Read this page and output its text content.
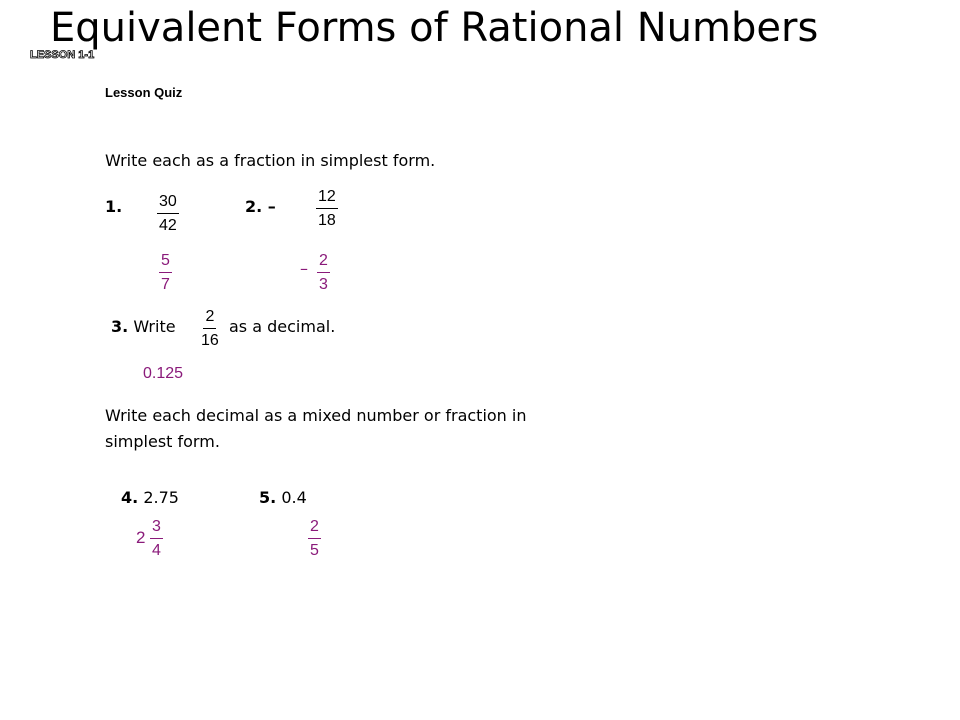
Equivalent Forms of Rational Numbers
LESSON 1-1
Lesson Quiz
Write each as a fraction in simplest form.
1. $\frac{30}{42}$
$\frac{5}{7}$
2. –	$\frac{12}{18}$
– $\frac{2}{3}$
3. Write $\frac{2}{16}$ as a decimal.
0.125
Write each decimal as a mixed number or fraction in
simplest form.
4. 2.75
$2 \frac{3}{4}$
5. 0.4
$\frac{2}{5}$
